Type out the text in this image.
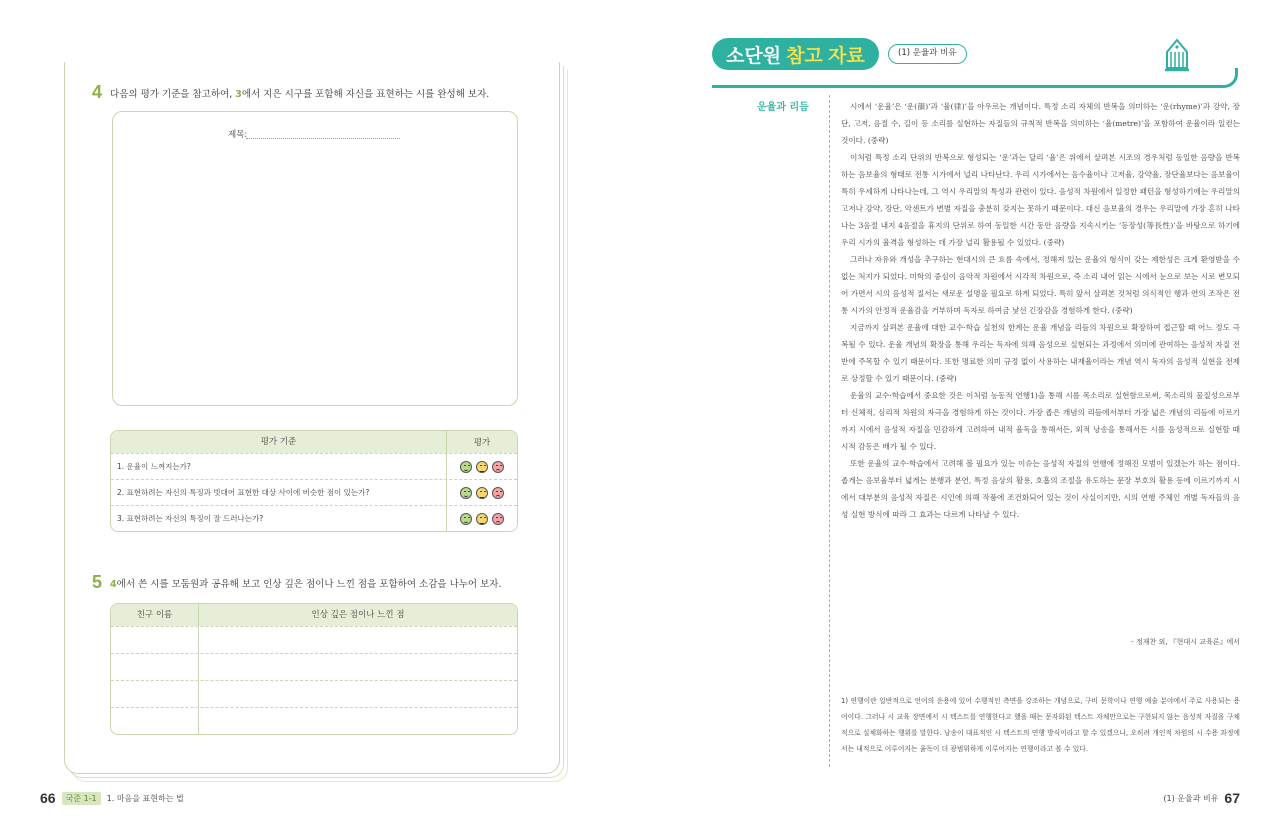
4 다음의 평가 기준을 참고하여, 3에서 지은 시구를 포함해 자신을 표현하는 시를 완성해 보자.
제목:
평가 기준	평가
1. 운율이 느껴지는가?
2. 표현하려는 자신의 특징과 빗대어 표현한 대상 사이에 비슷한 점이 있는가?
3. 표현하려는 자신의 특징이 잘 드러나는가?
5 4에서 쓴 시를 모둠원과 공유해 보고 인상 깊은 점이나 느낀 점을 포함하여 소감을 나누어 보자.
친구 이름	인상 깊은 점이나 느낀 점
66	국준 1-1	1. 마음을 표현하는 법
소단원 참고 자료	(1) 운율과 비유
운율과 리듬	시에서 ‘운율’은 ‘운(韻)’과 ‘율(律)’을 아우르는 개념이다. 특정 소리 자체의 반복을 의미하는 ‘운(rhyme)’과 강약, 장단, 고저, 음절 수, 길이 등 소리를 실현하는 자질들의 규칙적 반복을 의미하는 ‘율(metre)’을 포함하여 운율이라 일컫는 것이다. (중략)

이처럼 특정 소리 단위의 반복으로 형성되는 ‘운’과는 달리 ‘율’은 위에서 살펴본 시조의 경우처럼 동일한 음량을 반복하는 음보율의 형태로 전통 시가에서 널리 나타난다. 우리 시가에서는 음수율이나 고저율, 강약율, 장단율보다는 음보율이 특히 우세하게 나타나는데, 그 역시 우리말의 특성과 관련이 있다. 음성적 차원에서 일정한 패턴을 형성하기에는 우리말의 고저나 강약, 장단, 악센트가 변별 자질을 충분히 갖지는 못하기 때문이다. 대신 음보율의 경우는 우리말에 가장 흔히 나타나는 3음절 내지 4음절을 휴지의 단위로 하여 동일한 시간 동안 음량을 지속시키는 ‘등장성(等長性)’을 바탕으로 하기에 우리 시가의 율격을 형성하는 데 가장 널리 활용될 수 있었다. (중략)

그러나 자유와 개성을 추구하는 현대시의 큰 흐름 속에서, 정해져 있는 운율의 형식이 갖는 제한성은 크게 환영받을 수 없는 처지가 되었다. 미학의 중심이 음악적 차원에서 시각적 차원으로, 즉 소리 내어 읽는 시에서 눈으로 보는 시로 변모되어 가면서 시의 음성적 질서는 새로운 설명을 필요로 하게 되었다. 특히 앞서 살펴본 것처럼 의식적인 행과 연의 조작은 전통 시가의 안정적 운율감을 거부하며 독자로 하여금 낯선 긴장감을 경험하게 한다. (중략)

지금까지 살펴본 운율에 대한 교수·학습 실천의 한계는 운율 개념을 리듬의 차원으로 확장하여 접근할 때 어느 정도 극복될 수 있다. 운율 개념의 확장을 통해 우리는 독자에 의해 음성으로 실현되는 과정에서 의미에 관여하는 음성적 자질 전반에 주목할 수 있기 때문이다. 또한 명료한 의미 규정 없이 사용하는 내재율이라는 개념 역시 독자의 음성적 실현을 전제로 상정할 수 있기 때문이다. (중략)

운율의 교수·학습에서 중요한 것은 이처럼 능동적 연행1)을 통해 시를 목소리로 실현함으로써, 목소리의 물질성으로부터 신체적, 심리적 차원의 자극을 경험하게 하는 것이다. 가장 좁은 개념의 리듬에서부터 가장 넓은 개념의 리듬에 이르기까지 시에서 음성적 자질을 민감하게 고려하여 내적 율독을 통해서든, 외적 낭송을 통해서든 시를 음성적으로 실현할 때 시적 감동은 배가 될 수 있다.

또한 운율의 교수·학습에서 고려해 볼 필요가 있는 이슈는 음성적 자질의 연행에 정해진 모범이 있겠는가 하는 점이다. 좁게는 음보율부터 넓게는 분행과 분연, 특정 음상의 활용, 호흡의 조절을 유도하는 문장 부호의 활용 등에 이르기까지 시에서 대부분의 음성적 자질은 시인에 의해 작품에 조건화되어 있는 것이 사실이지만, 시의 연행 주체인 개별 독자들의 음성 실현 방식에 따라 그 효과는 다르게 나타날 수 있다.

- 정재찬 외, 『현대시 교육론』에서
1) 연행이란 일반적으로 언어의 운용에 있어 수행적인 측면을 강조하는 개념으로, 구비 문학이나 연행 예술 분야에서 주로 사용되는 용어이다. 그러나 시 교육 장면에서 시 텍스트를 연행한다고 했을 때는 문자화된 텍스트 자체만으로는 구현되지 않는 음성적 자질을 구체적으로 실체화하는 행위를 말한다. 낭송이 대표적인 시 텍스트의 연행 방식이라고 할 수 있겠으나, 오히려 개인적 차원의 시 수용 과정에서는 내적으로 이루어지는 율독이 더 광범위하게 이루어지는 연행이라고 볼 수 있다.
(1) 운율과 비유 67
